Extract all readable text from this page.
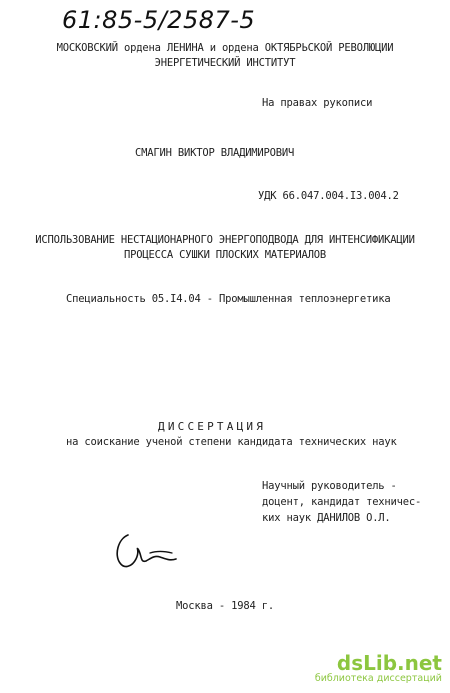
61:85-5/2587-5
МОСКОВСКИЙ ордена ЛЕНИНА и ордена ОКТЯБРЬСКОЙ РЕВОЛЮЦИИ
ЭНЕРГЕТИЧЕСКИЙ ИНСТИТУТ
На правах рукописи
СМАГИН ВИКТОР ВЛАДИМИРОВИЧ
УДК 66.047.004.I3.004.2
ИСПОЛЬЗОВАНИЕ НЕСТАЦИОНАРНОГО ЭНЕРГОПОДВОДА ДЛЯ ИНТЕНСИФИКАЦИИ
ПРОЦЕССА СУШКИ ПЛОСКИХ МАТЕРИАЛОВ
Специальность 05.I4.04 - Промышленная теплоэнергетика
ДИССЕРТАЦИЯ
на соискание ученой степени кандидата технических наук
Научный руководитель -
доцент, кандидат техничес-
ких наук ДАНИЛОВ О.Л.
Москва - 1984 г.
dsLib.net
библиотека диссертаций
